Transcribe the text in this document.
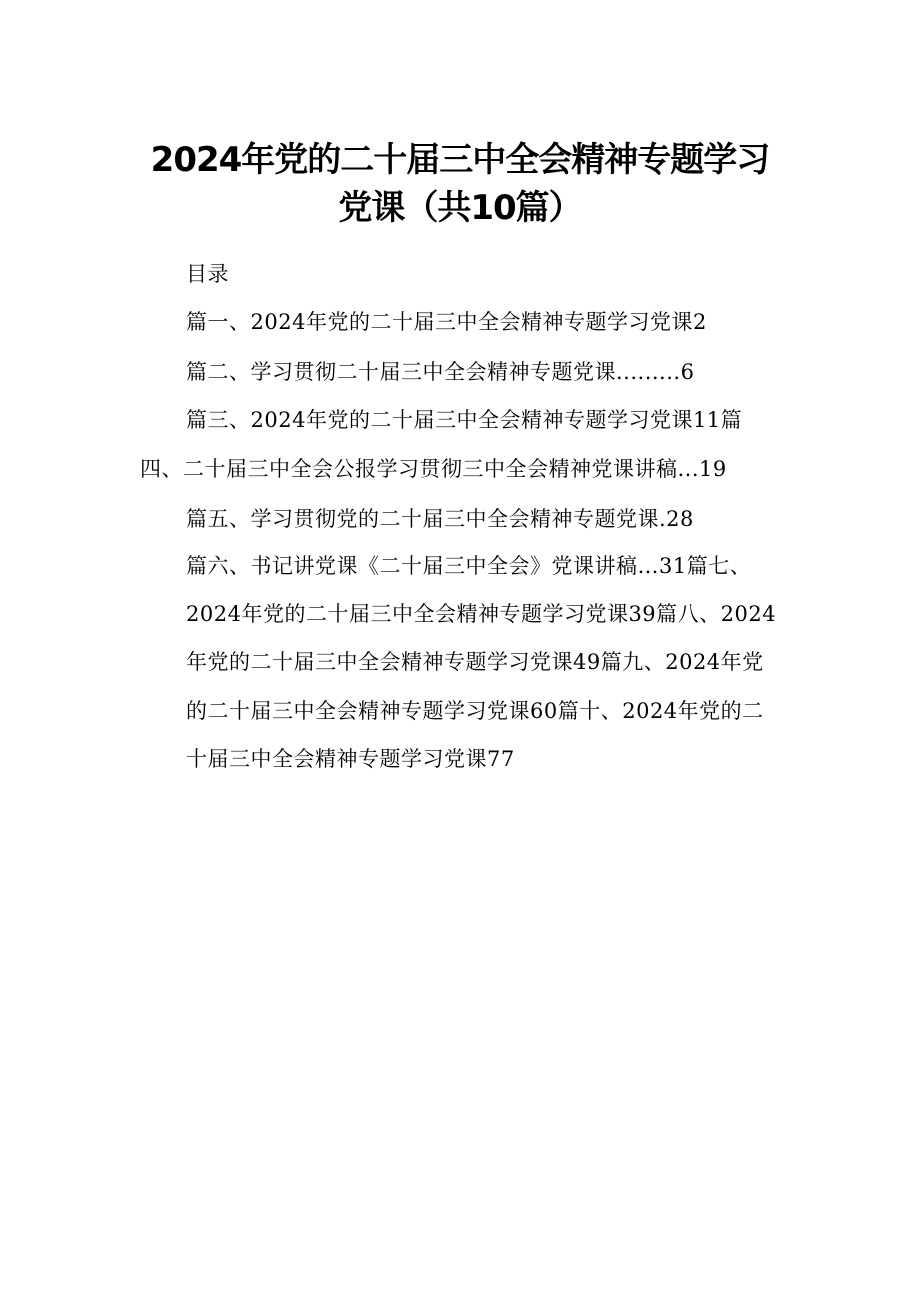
2024年党的二十届三中全会精神专题学习
党课（共10篇）
目录
篇一、2024年党的二十届三中全会精神专题学习党课2
篇二、学习贯彻二十届三中全会精神专题党课.........6
篇三、2024年党的二十届三中全会精神专题学习党课11篇
四、二十届三中全会公报学习贯彻三中全会精神党课讲稿...19
篇五、学习贯彻党的二十届三中全会精神专题党课.28
篇六、书记讲党课《二十届三中全会》党课讲稿…31篇七、
2024年党的二十届三中全会精神专题学习党课39篇八、2024
年党的二十届三中全会精神专题学习党课49篇九、2024年党
的二十届三中全会精神专题学习党课60篇十、2024年党的二
十届三中全会精神专题学习党课77
